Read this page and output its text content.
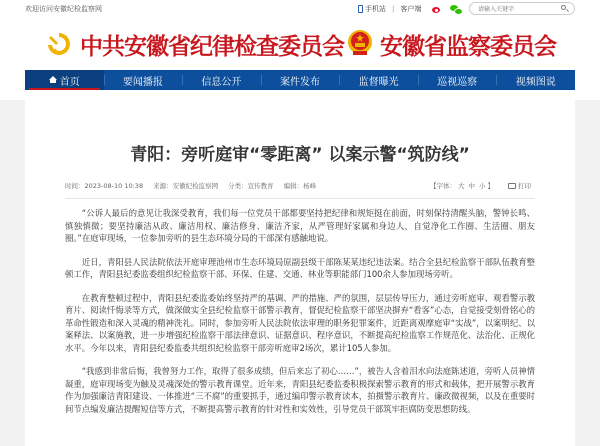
欢迎访问安徽纪检监察网	手机站 | 客户端
请输入关键字
中共安徽省纪律检查委员会 安徽省监察委员会
首页	要闻播报	信息公开	案件发布	监督曝光	巡视巡察	视频图说
青阳：旁听庭审“零距离” 以案示警“筑防线”
时间：2023-08-10 10:38 来源：安徽纪检监察网 分类：宣传教育 编辑：杨峰	【字体： 大 中 小 】	打印

“公诉人最后的意见让我深受教育，我们每一位党员干部都要坚持把纪律和规矩挺在前面，时刻保持清醒头脑，警钟长鸣、慎独慎微；要坚持廉洁从政、廉洁用权、廉洁修身、廉洁齐家，从严管理好家属和身边人，自觉净化工作圈、生活圈、朋友圈。”在庭审现场，一位参加旁听的县生态环境分局的干部深有感触地说。

近日，青阳县人民法院依法开庭审理池州市生态环境局原副县级干部陈某某违纪违法案。结合全县纪检监察干部队伍教育整顿工作，青阳县纪委监委组织纪检监察干部、环保、住建、交通、林业等职能部门100余人参加现场旁听。

在教育整顿过程中，青阳县纪委监委始终坚持严的基调、严的措施、严的氛围，层层传导压力，通过旁听庭审、观看警示教育片、阅读忏悔录等方式，做深做实全县纪检监察干部警示教育，督促纪检监察干部坚决摒弃“看客”心态，自觉接受刻骨铭心的革命性锻造和深入灵魂的精神洗礼。同时，参加旁听人民法院依法审理的职务犯罪案件，近距离观摩庭审“实战”，以案明纪、以案释法、以案施教，进一步增强纪检监察干部法律意识、证据意识、程序意识，不断提高纪检监察工作规范化、法治化、正规化水平。今年以来，青阳县纪委监委共组织纪检监察干部旁听庭审2场次，累计105人参加。

“我感到非常后悔，我曾努力工作，取得了很多成绩，但后来忘了初心……”，被告人含着泪水向法庭陈述道，旁听人员神情凝重，庭审现场变为触及灵魂深处的警示教育课堂。近年来，青阳县纪委监委积极探索警示教育的形式和载体，把开展警示教育作为加强廉洁青阳建设、一体推进“三不腐”的重要抓手，通过编印警示教育读本，拍摄警示教育片、廉政微视频，以及在重要时间节点编发廉洁提醒短信等方式，不断提高警示教育的针对性和实效性，引导党员干部筑牢拒腐防变思想防线。
